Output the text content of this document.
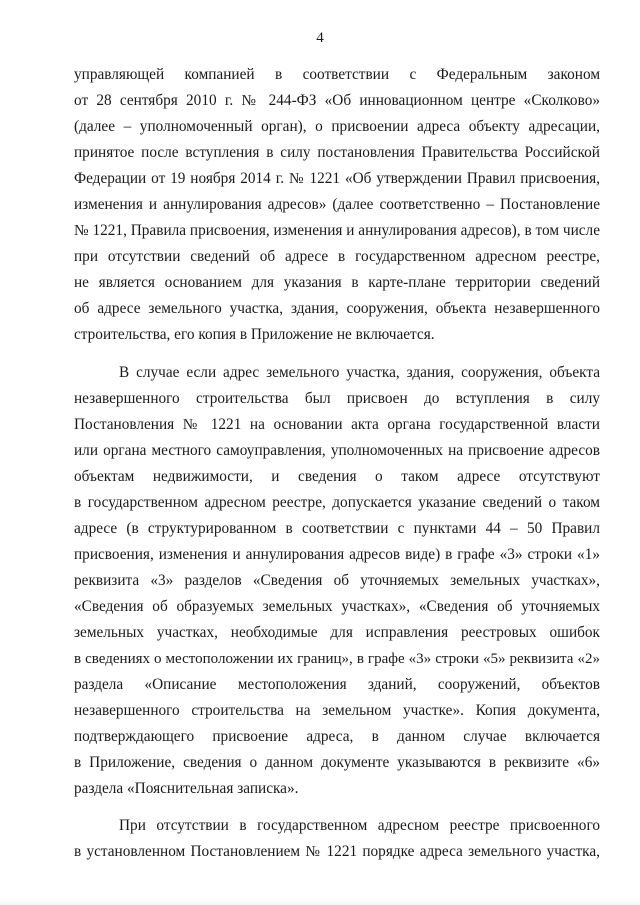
4
управляющей компанией в соответствии с Федеральным законом
от 28 сентября 2010 г. № 244-ФЗ «Об инновационном центре «Сколково»
(далее – уполномоченный орган), о присвоении адреса объекту адресации,
принятое после вступления в силу постановления Правительства Российской
Федерации от 19 ноября 2014 г. № 1221 «Об утверждении Правил присвоения,
изменения и аннулирования адресов» (далее соответственно – Постановление
№ 1221, Правила присвоения, изменения и аннулирования адресов), в том числе
при отсутствии сведений об адресе в государственном адресном реестре,
не является основанием для указания в карте-плане территории сведений
об адресе земельного участка, здания, сооружения, объекта незавершенного
строительства, его копия в Приложение не включается.
В случае если адрес земельного участка, здания, сооружения, объекта
незавершенного строительства был присвоен до вступления в силу
Постановления № 1221 на основании акта органа государственной власти
или органа местного самоуправления, уполномоченных на присвоение адресов
объектам недвижимости, и сведения о таком адресе отсутствуют
в государственном адресном реестре, допускается указание сведений о таком
адресе (в структурированном в соответствии с пунктами 44 – 50 Правил
присвоения, изменения и аннулирования адресов виде) в графе «3» строки «1»
реквизита «3» разделов «Сведения об уточняемых земельных участках»,
«Сведения об образуемых земельных участках», «Сведения об уточняемых
земельных участках, необходимые для исправления реестровых ошибок
в сведениях о местоположении их границ», в графе «3» строки «5» реквизита «2»
раздела «Описание местоположения зданий, сооружений, объектов
незавершенного строительства на земельном участке». Копия документа,
подтверждающего присвоение адреса, в данном случае включается
в Приложение, сведения о данном документе указываются в реквизите «6»
раздела «Пояснительная записка».
При отсутствии в государственном адресном реестре присвоенного
в установленном Постановлением № 1221 порядке адреса земельного участка,
